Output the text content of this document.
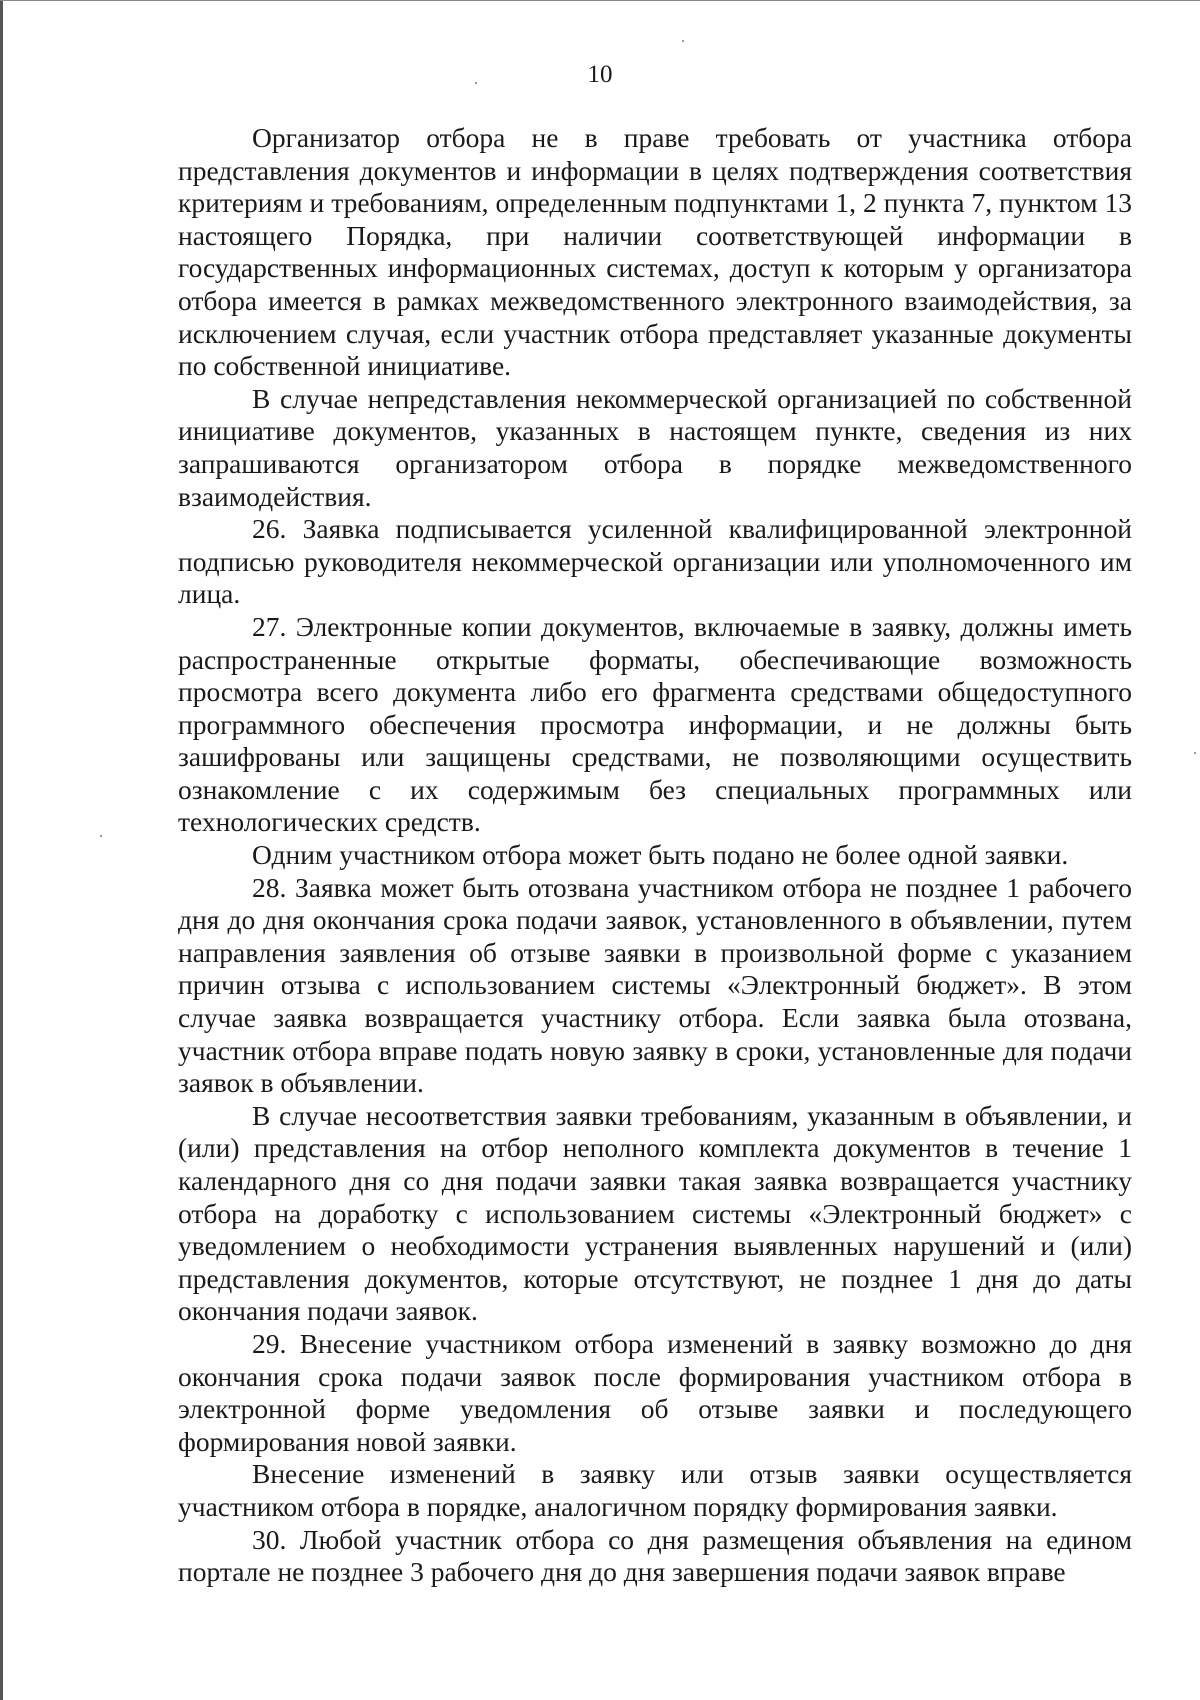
10

Организатор отбора не в праве требовать от участника отбора представления документов и информации в целях подтверждения соответствия критериям и требованиям, определенным подпунктами 1, 2 пункта 7, пунктом 13 настоящего Порядка, при наличии соответствующей информации в государственных информационных системах, доступ к которым у организатора отбора имеется в рамках межведомственного электронного взаимодействия, за исключением случая, если участник отбора представляет указанные документы по собственной инициативе.

В случае непредставления некоммерческой организацией по собственной инициативе документов, указанных в настоящем пункте, сведения из них запрашиваются организатором отбора в порядке межведомственного взаимодействия.

26. Заявка подписывается усиленной квалифицированной электронной подписью руководителя некоммерческой организации или уполномоченного им лица.

27. Электронные копии документов, включаемые в заявку, должны иметь распространенные открытые форматы, обеспечивающие возможность просмотра всего документа либо его фрагмента средствами общедоступного программного обеспечения просмотра информации, и не должны быть зашифрованы или защищены средствами, не позволяющими осуществить ознакомление с их содержимым без специальных программных или технологических средств.

Одним участником отбора может быть подано не более одной заявки.

28. Заявка может быть отозвана участником отбора не позднее 1 рабочего дня до дня окончания срока подачи заявок, установленного в объявлении, путем направления заявления об отзыве заявки в произвольной форме с указанием причин отзыва с использованием системы «Электронный бюджет». В этом случае заявка возвращается участнику отбора. Если заявка была отозвана, участник отбора вправе подать новую заявку в сроки, установленные для подачи заявок в объявлении.

В случае несоответствия заявки требованиям, указанным в объявлении, и (или) представления на отбор неполного комплекта документов в течение 1 календарного дня со дня подачи заявки такая заявка возвращается участнику отбора на доработку с использованием системы «Электронный бюджет» с уведомлением о необходимости устранения выявленных нарушений и (или) представления документов, которые отсутствуют, не позднее 1 дня до даты окончания подачи заявок.

29. Внесение участником отбора изменений в заявку возможно до дня окончания срока подачи заявок после формирования участником отбора в электронной форме уведомления об отзыве заявки и последующего формирования новой заявки.

Внесение изменений в заявку или отзыв заявки осуществляется участником отбора в порядке, аналогичном порядку формирования заявки.

30. Любой участник отбора со дня размещения объявления на едином портале не позднее 3 рабочего дня до дня завершения подачи заявок вправе
